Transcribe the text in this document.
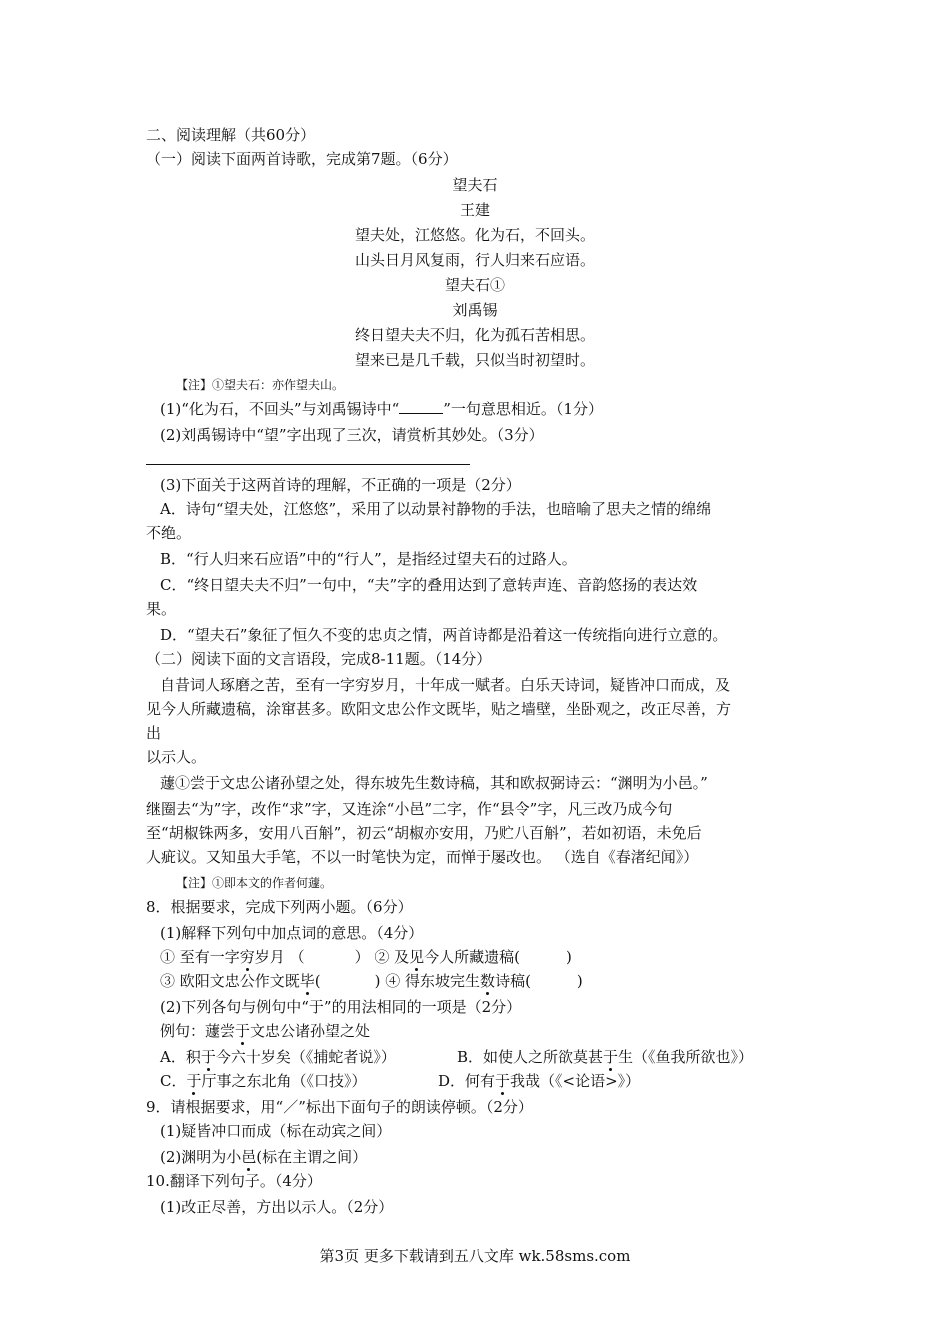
二、阅读理解（共60分）
（一）阅读下面两首诗歌，完成第7题。（6分）
望夫石
王建
望夫处，江悠悠。化为石，不回头。
山头日月风复雨，行人归来石应语。
望夫石①
刘禹锡
终日望夫夫不归，化为孤石苦相思。
望来已是几千载，只似当时初望时。
【注】①望夫石：亦作望夫山。
(1)“化为石，不回头”与刘禹锡诗中“	”一句意思相近。（1分）
(2)刘禹锡诗中“望”字出现了三次，请赏析其妙处。（3分）
(3)下面关于这两首诗的理解，不正确的一项是（2分）
A．诗句“望夫处，江悠悠”，采用了以动景衬静物的手法，也暗喻了思夫之情的绵绵
不绝。
B．“行人归来石应语”中的“行人”，是指经过望夫石的过路人。
C．“终日望夫夫不归”一句中，“夫”字的叠用达到了意转声连、音韵悠扬的表达效
果。
D．“望夫石”象征了恒久不变的忠贞之情，两首诗都是沿着这一传统指向进行立意的。
（二）阅读下面的文言语段，完成8-11题。（14分）
自昔词人琢磨之苦，至有一字穷岁月，十年成一赋者。白乐天诗词，疑皆冲口而成，及
见今人所藏遗稿，涂窜甚多。欧阳文忠公作文既毕，贴之墙壁，坐卧观之，改正尽善，方
出
以示人。
蘧①尝于文忠公诸孙望之处，得东坡先生数诗稿，其和欧叔弼诗云：“渊明为小邑。”
继圈去“为”字，改作“求”字，又连涂“小邑”二字，作“县令”字，凡三改乃成今句
至“胡椒铢两多，安用八百斛”，初云“胡椒亦安用，乃贮八百斛”，若如初语，未免后
人疵议。又知虽大手笔，不以一时笔快为定，而惮于屡改也。 （选自《春渚纪闻》）
【注】①即本文的作者何蘧。
8．根据要求，完成下列两小题。（6分）
(1)解释下列句中加点词的意思。（4分）
① 至有一字穷岁月 （	） ② 及见今人所藏遗稿(	)
③ 欧阳文忠公作文既毕(	) ④ 得东坡完生数诗稿(	)
(2)下列各句与例句中“于”的用法相同的一项是（2分）
例句：蘧尝于文忠公诸孙望之处
A．积于今六十岁矣（《捕蛇者说》）	B．如使人之所欲莫甚于生（《鱼我所欲也》）
C．于厅事之东北角（《口技》）	D．何有于我哉（《<论语>》）
9．请根据要求，用“／”标出下面句子的朗读停顿。（2分）
(1)疑皆冲口而成（标在动宾之间）
(2)渊明为小邑(标在主谓之间）
10.翻译下列句子。（4分）
(1)改正尽善，方出以示人。（2分）
第3页 更多下载请到五八文库 wk.58sms.com
